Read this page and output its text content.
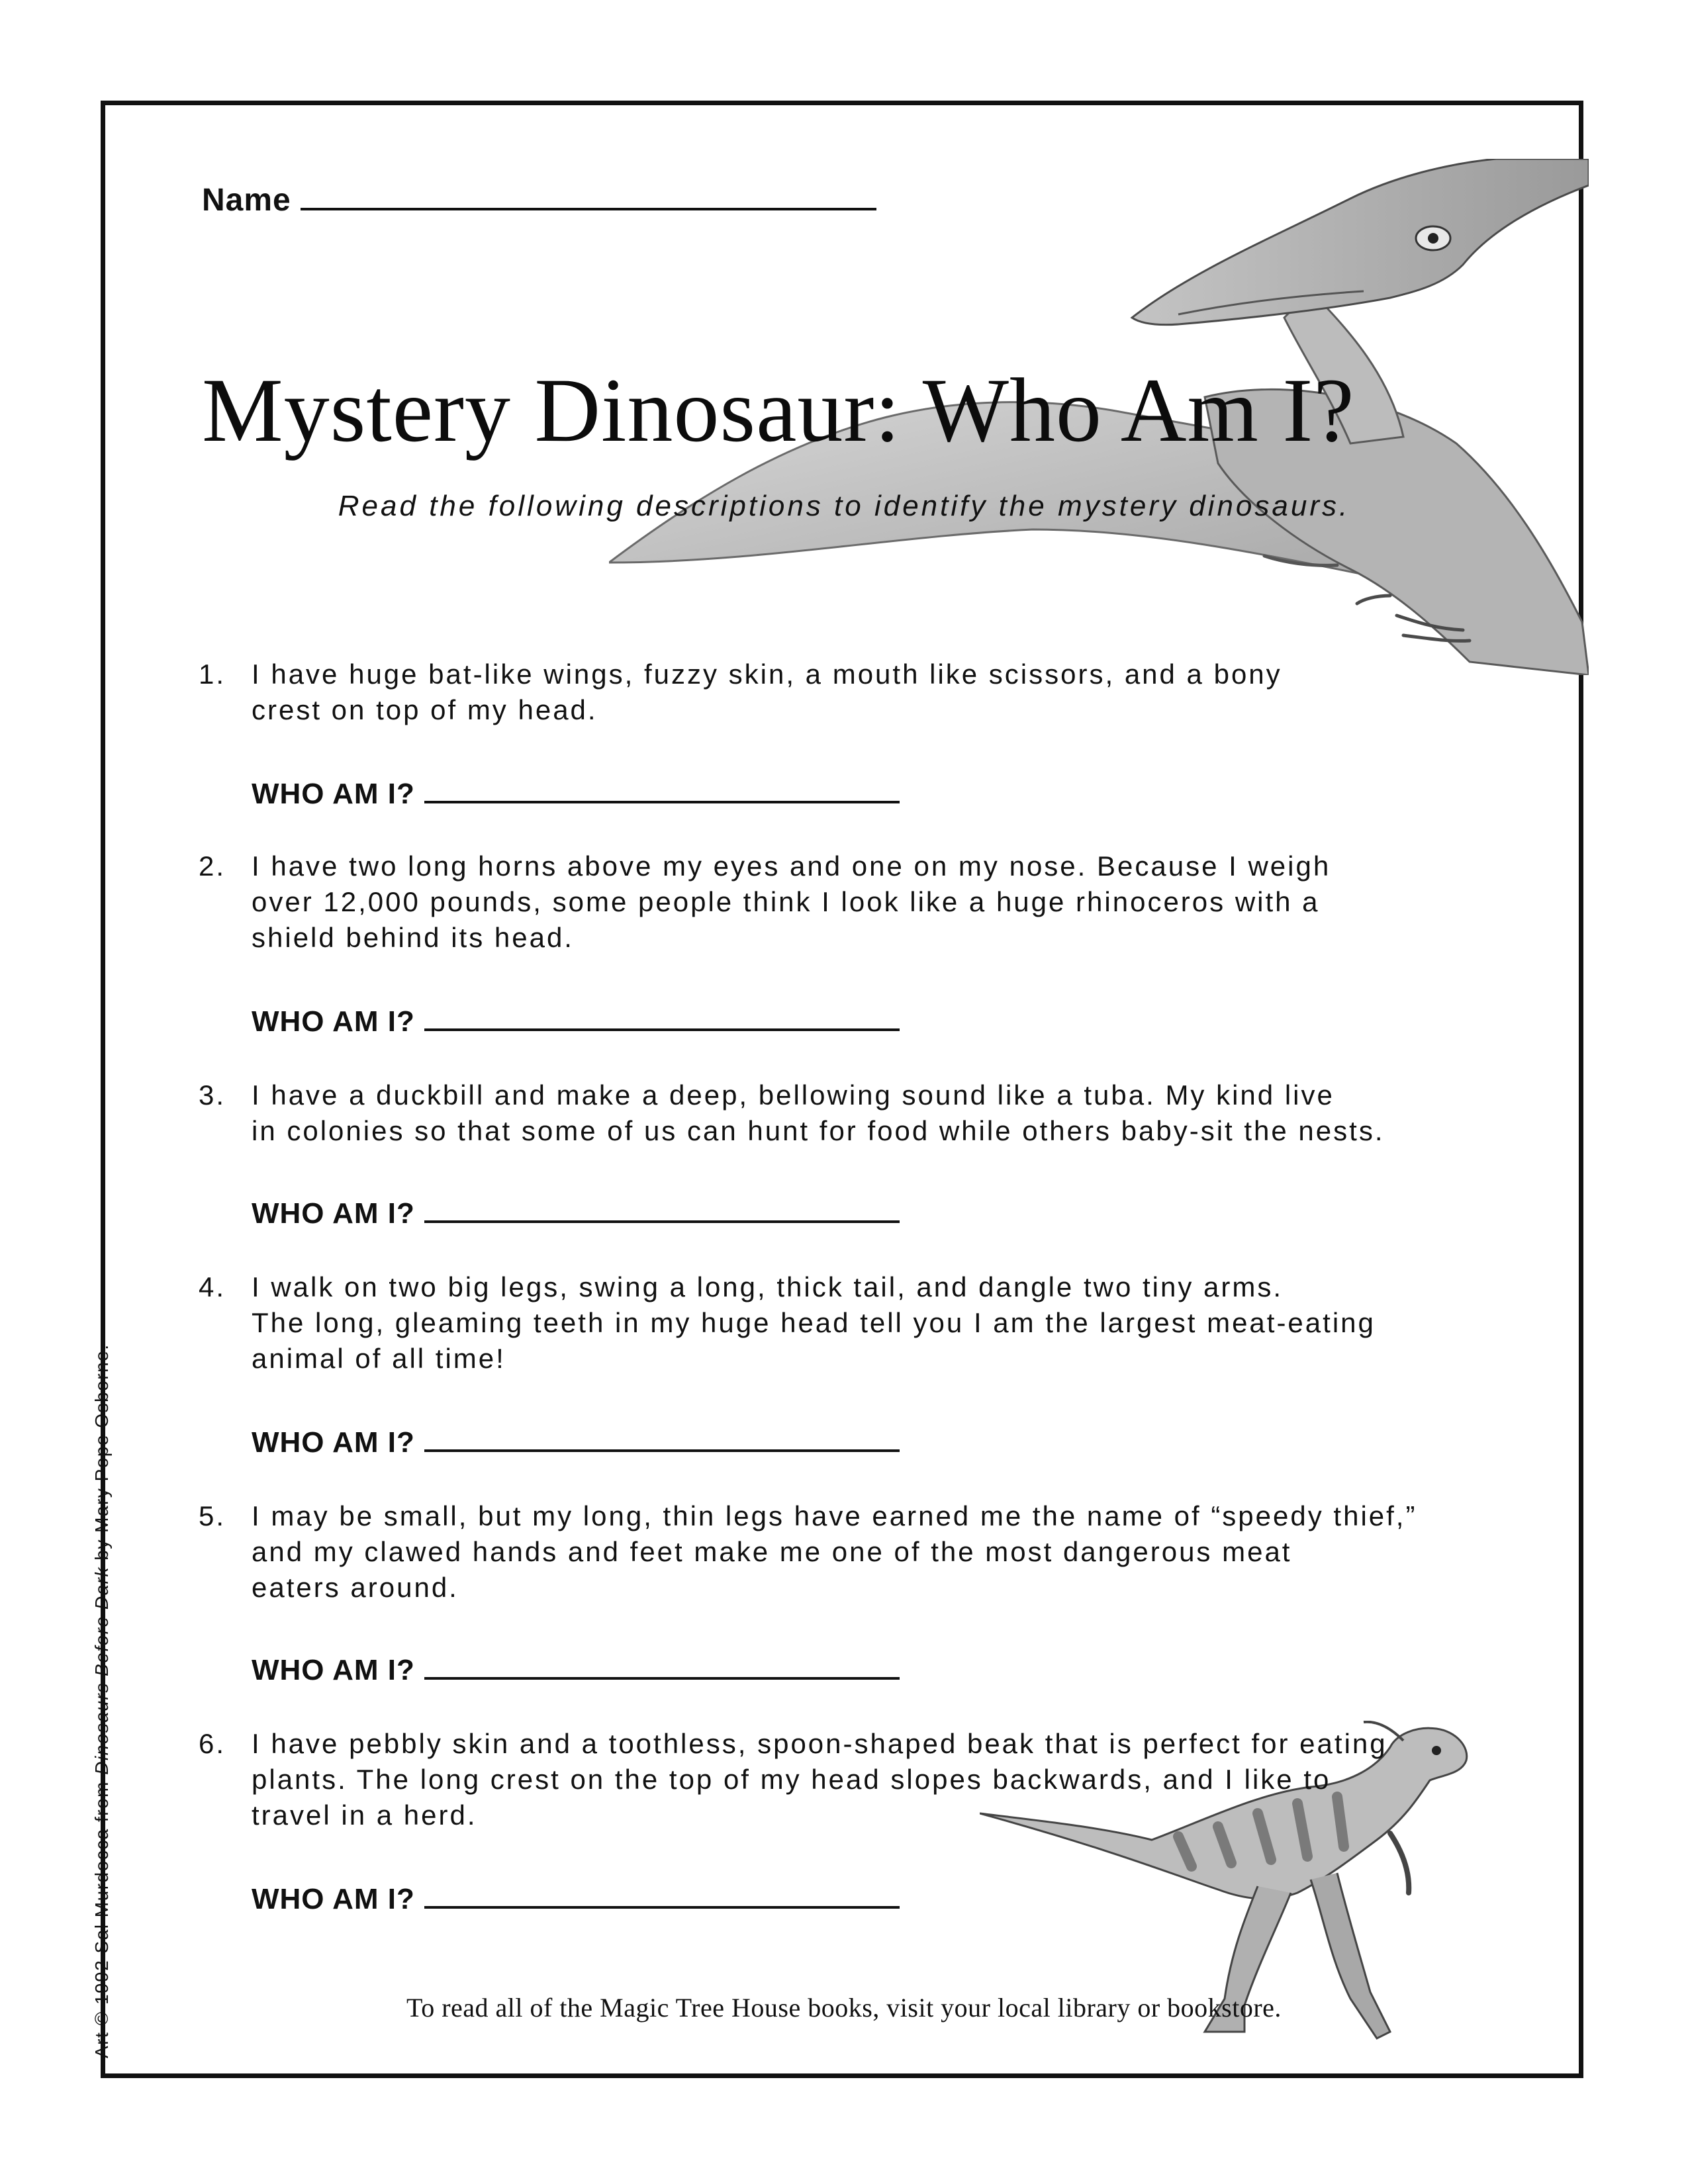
Name
Mystery Dinosaur: Who Am I?
Read the following descriptions to identify the mystery dinosaurs.
1. I have huge bat-like wings, fuzzy skin, a mouth like scissors, and a bony
crest on top of my head.
WHO AM I?
2. I have two long horns above my eyes and one on my nose. Because I weigh
over 12,000 pounds, some people think I look like a huge rhinoceros with a
shield behind its head.
WHO AM I?
3. I have a duckbill and make a deep, bellowing sound like a tuba. My kind live
in colonies so that some of us can hunt for food while others baby-sit the nests.
WHO AM I?
4. I walk on two big legs, swing a long, thick tail, and dangle two tiny arms.
The long, gleaming teeth in my huge head tell you I am the largest meat-eating
animal of all time!
WHO AM I?
5. I may be small, but my long, thin legs have earned me the name of “speedy thief,”
and my clawed hands and feet make me one of the most dangerous meat
eaters around.
WHO AM I?
6. I have pebbly skin and a toothless, spoon-shaped beak that is perfect for eating
plants. The long crest on the top of my head slopes backwards, and I like to
travel in a herd.
WHO AM I?
To read all of the Magic Tree House books, visit your local library or bookstore.
Art © 1992 Sal Murdocca from Dinosaurs Before Dark by Mary Pope Osborne.
